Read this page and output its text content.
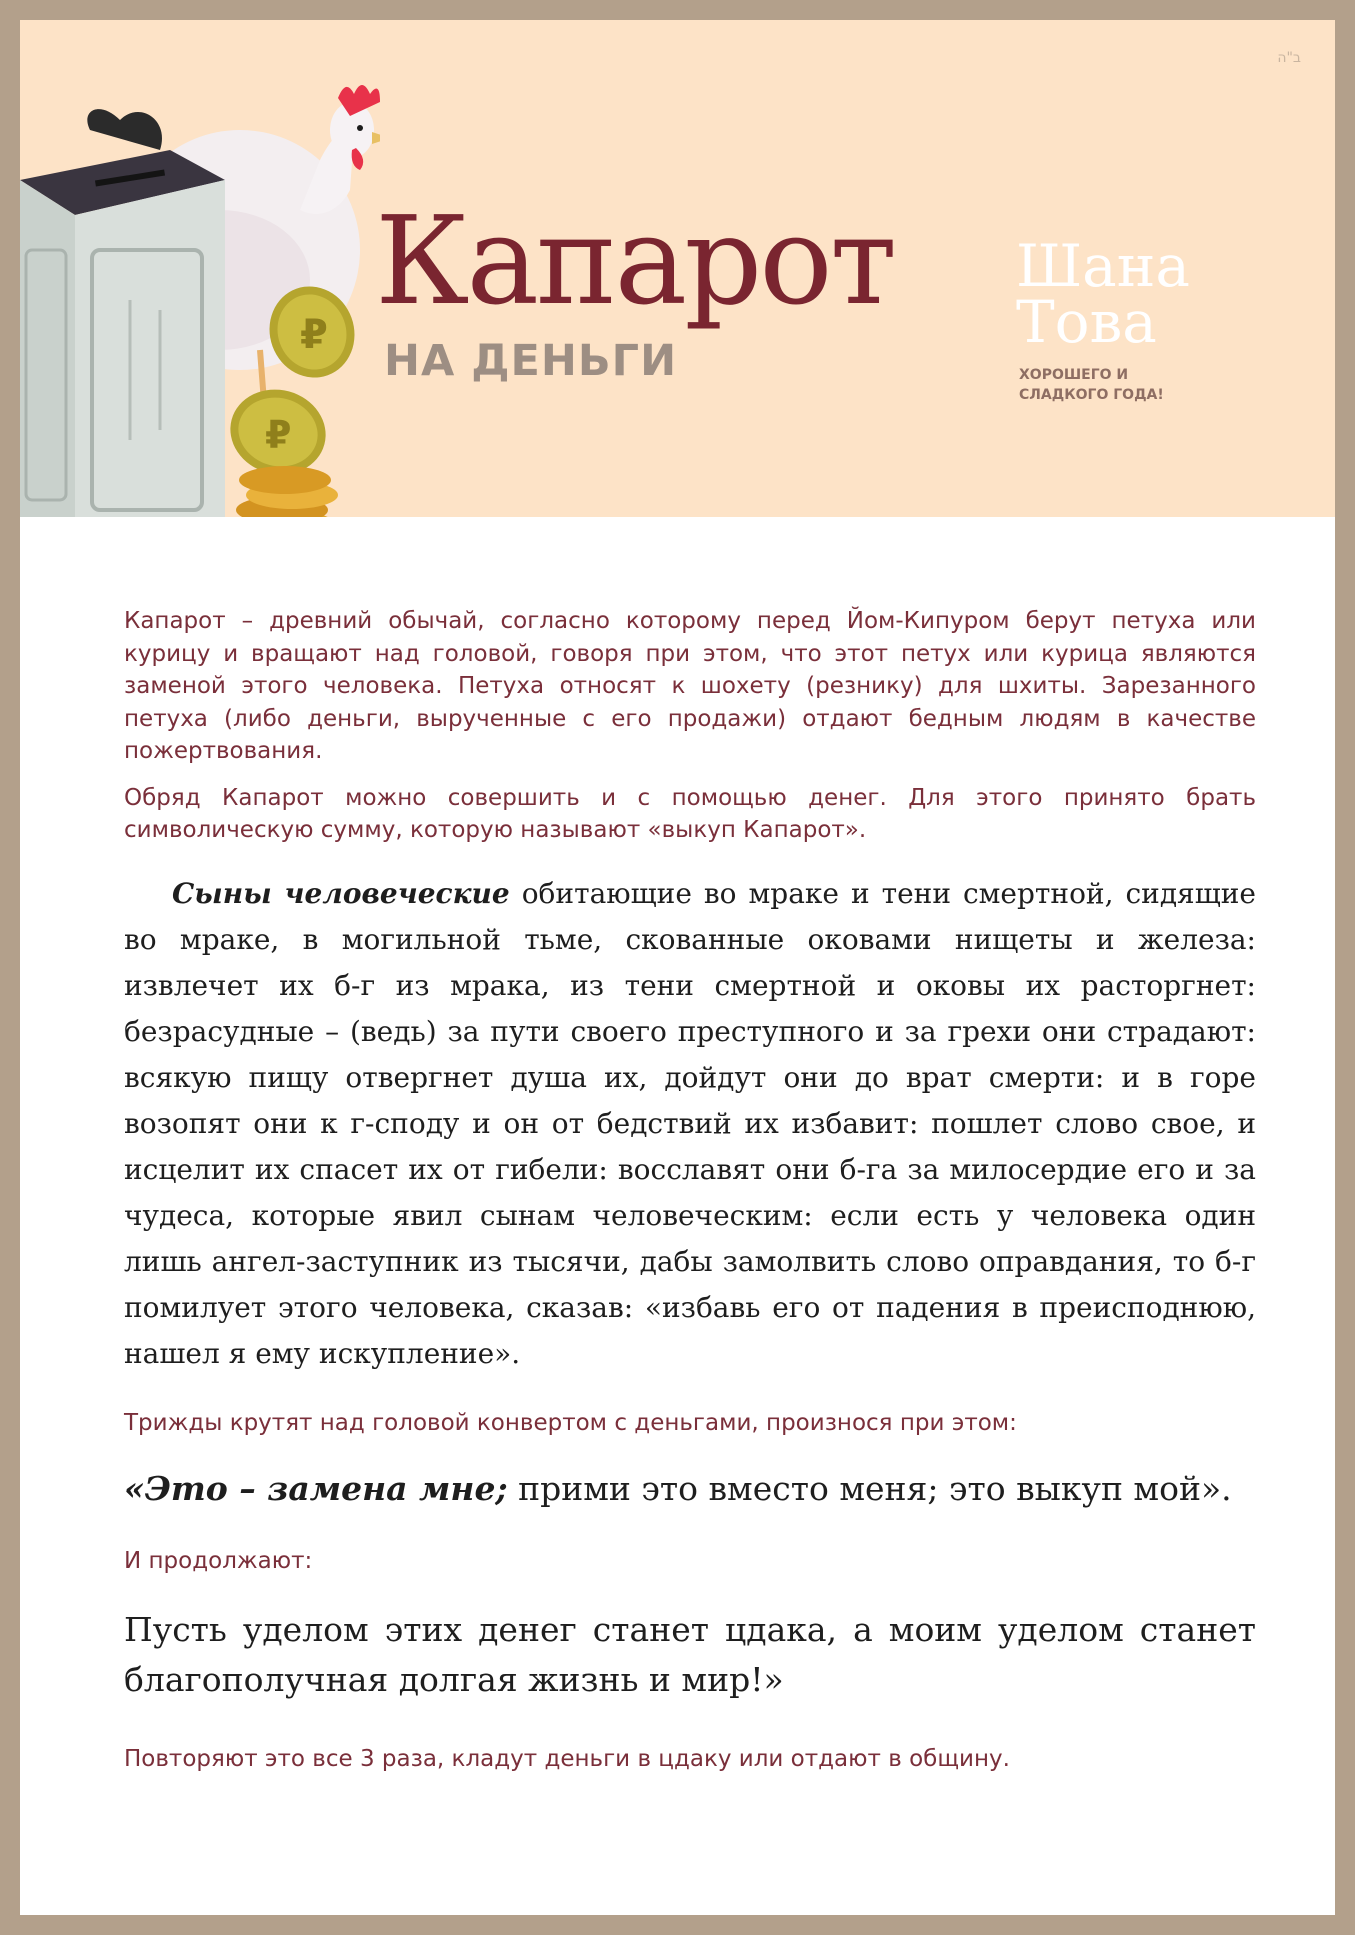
ב"ה
₽
₽
Капарот
НА ДЕНЬГИ
Шана
Това
ХОРОШЕГО И СЛАДКОГО ГОДА!

Капарот – древний обычай, согласно которому перед Йом-Кипуром берут петуха или курицу и вращают над головой, говоря при этом, что этот петух или курица являются заменой этого человека. Петуха относят к шохету (резнику) для шхиты. Зарезанного петуха (либо деньги, вырученные с его продажи) отдают бедным людям в качестве пожертвования.

Обряд Капарот можно совершить и с помощью денег. Для этого принято брать символическую сумму, которую называют «выкуп Капарот».

Сыны человеческие обитающие во мраке и тени смертной, сидящие во мраке, в могильной тьме, скованные оковами нищеты и железа: извлечет их б-г из мрака, из тени смертной и оковы их расторгнет: безрасудные – (ведь) за пути своего преступного и за грехи они страдают: всякую пищу отвергнет душа их, дойдут они до врат смерти: и в горе возопят они к г-споду и он от бедствий их избавит: пошлет слово свое, и исцелит их спасет их от гибели: восславят они б-га за милосердие его и за чудеса, которые явил сынам человеческим: если есть у человека один лишь ангел-заступник из тысячи, дабы замолвить слово оправдания, то б-г помилует этого человека, сказав: «избавь его от падения в преисподнюю, нашел я ему искупление».

Трижды крутят над головой конвертом с деньгами, произнося при этом:

«Это – замена мне; прими это вместо меня; это выкуп мой».

И продолжают:

Пусть уделом этих денег станет цдака, а моим уделом станет благополучная долгая жизнь и мир!»

Повторяют это все 3 раза, кладут деньги в цдаку или отдают в общину.
